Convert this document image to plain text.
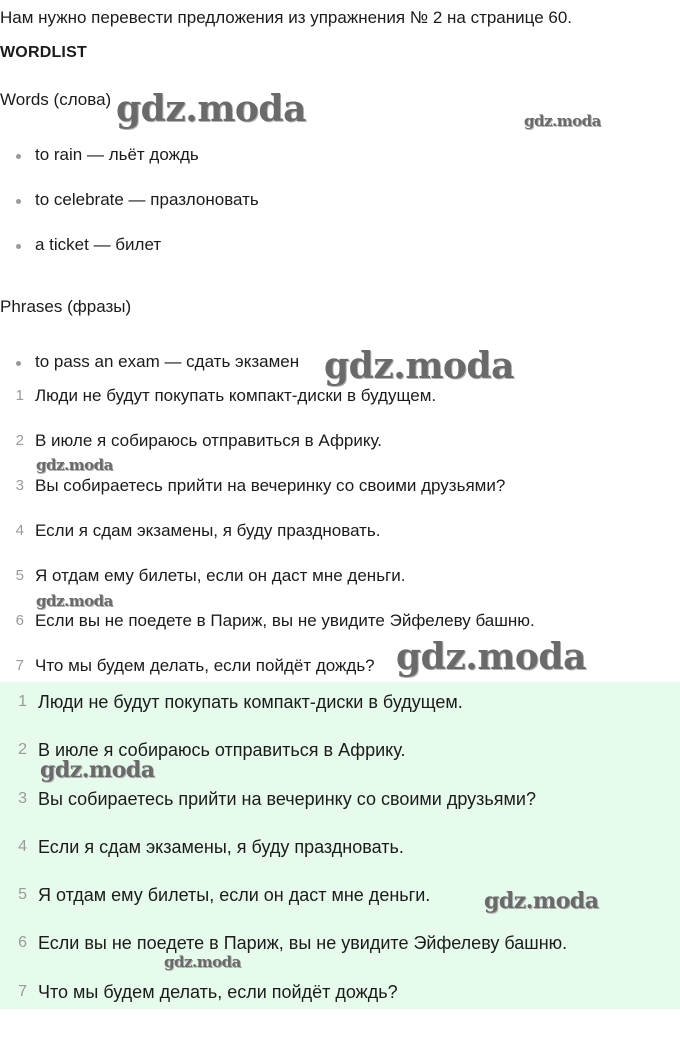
Нам нужно перевести предложения из упражнения № 2 на странице 60.
WORDLIST
Words (слова)
to rain — льёт дождь
to celebrate — празлоновать
a ticket — билет
Phrases (фразы)
to pass an exam — сдать экзамен
1 Люди не будут покупать компакт-диски в будущем.
2 В июле я собираюсь отправиться в Африку.
3 Вы собираетесь прийти на вечеринку со своими друзьями?
4 Если я сдам экзамены, я буду праздновать.
5 Я отдам ему билеты, если он даст мне деньги.
6 Если вы не поедете в Париж, вы не увидите Эйфелеву башню.
7 Что мы будем делать, если пойдёт дождь?
1 Люди не будут покупать компакт-диски в будущем.
2 В июле я собираюсь отправиться в Африку.
3 Вы собираетесь прийти на вечеринку со своими друзьями?
4 Если я сдам экзамены, я буду праздновать.
5 Я отдам ему билеты, если он даст мне деньги.
6 Если вы не поедете в Париж, вы не увидите Эйфелеву башню.
7 Что мы будем делать, если пойдёт дождь?
gdz.moda	gdz.moda
gdz.moda
gdz.moda
gdz.moda
gdz.moda
gdz.moda
gdz.moda
gdz.moda
